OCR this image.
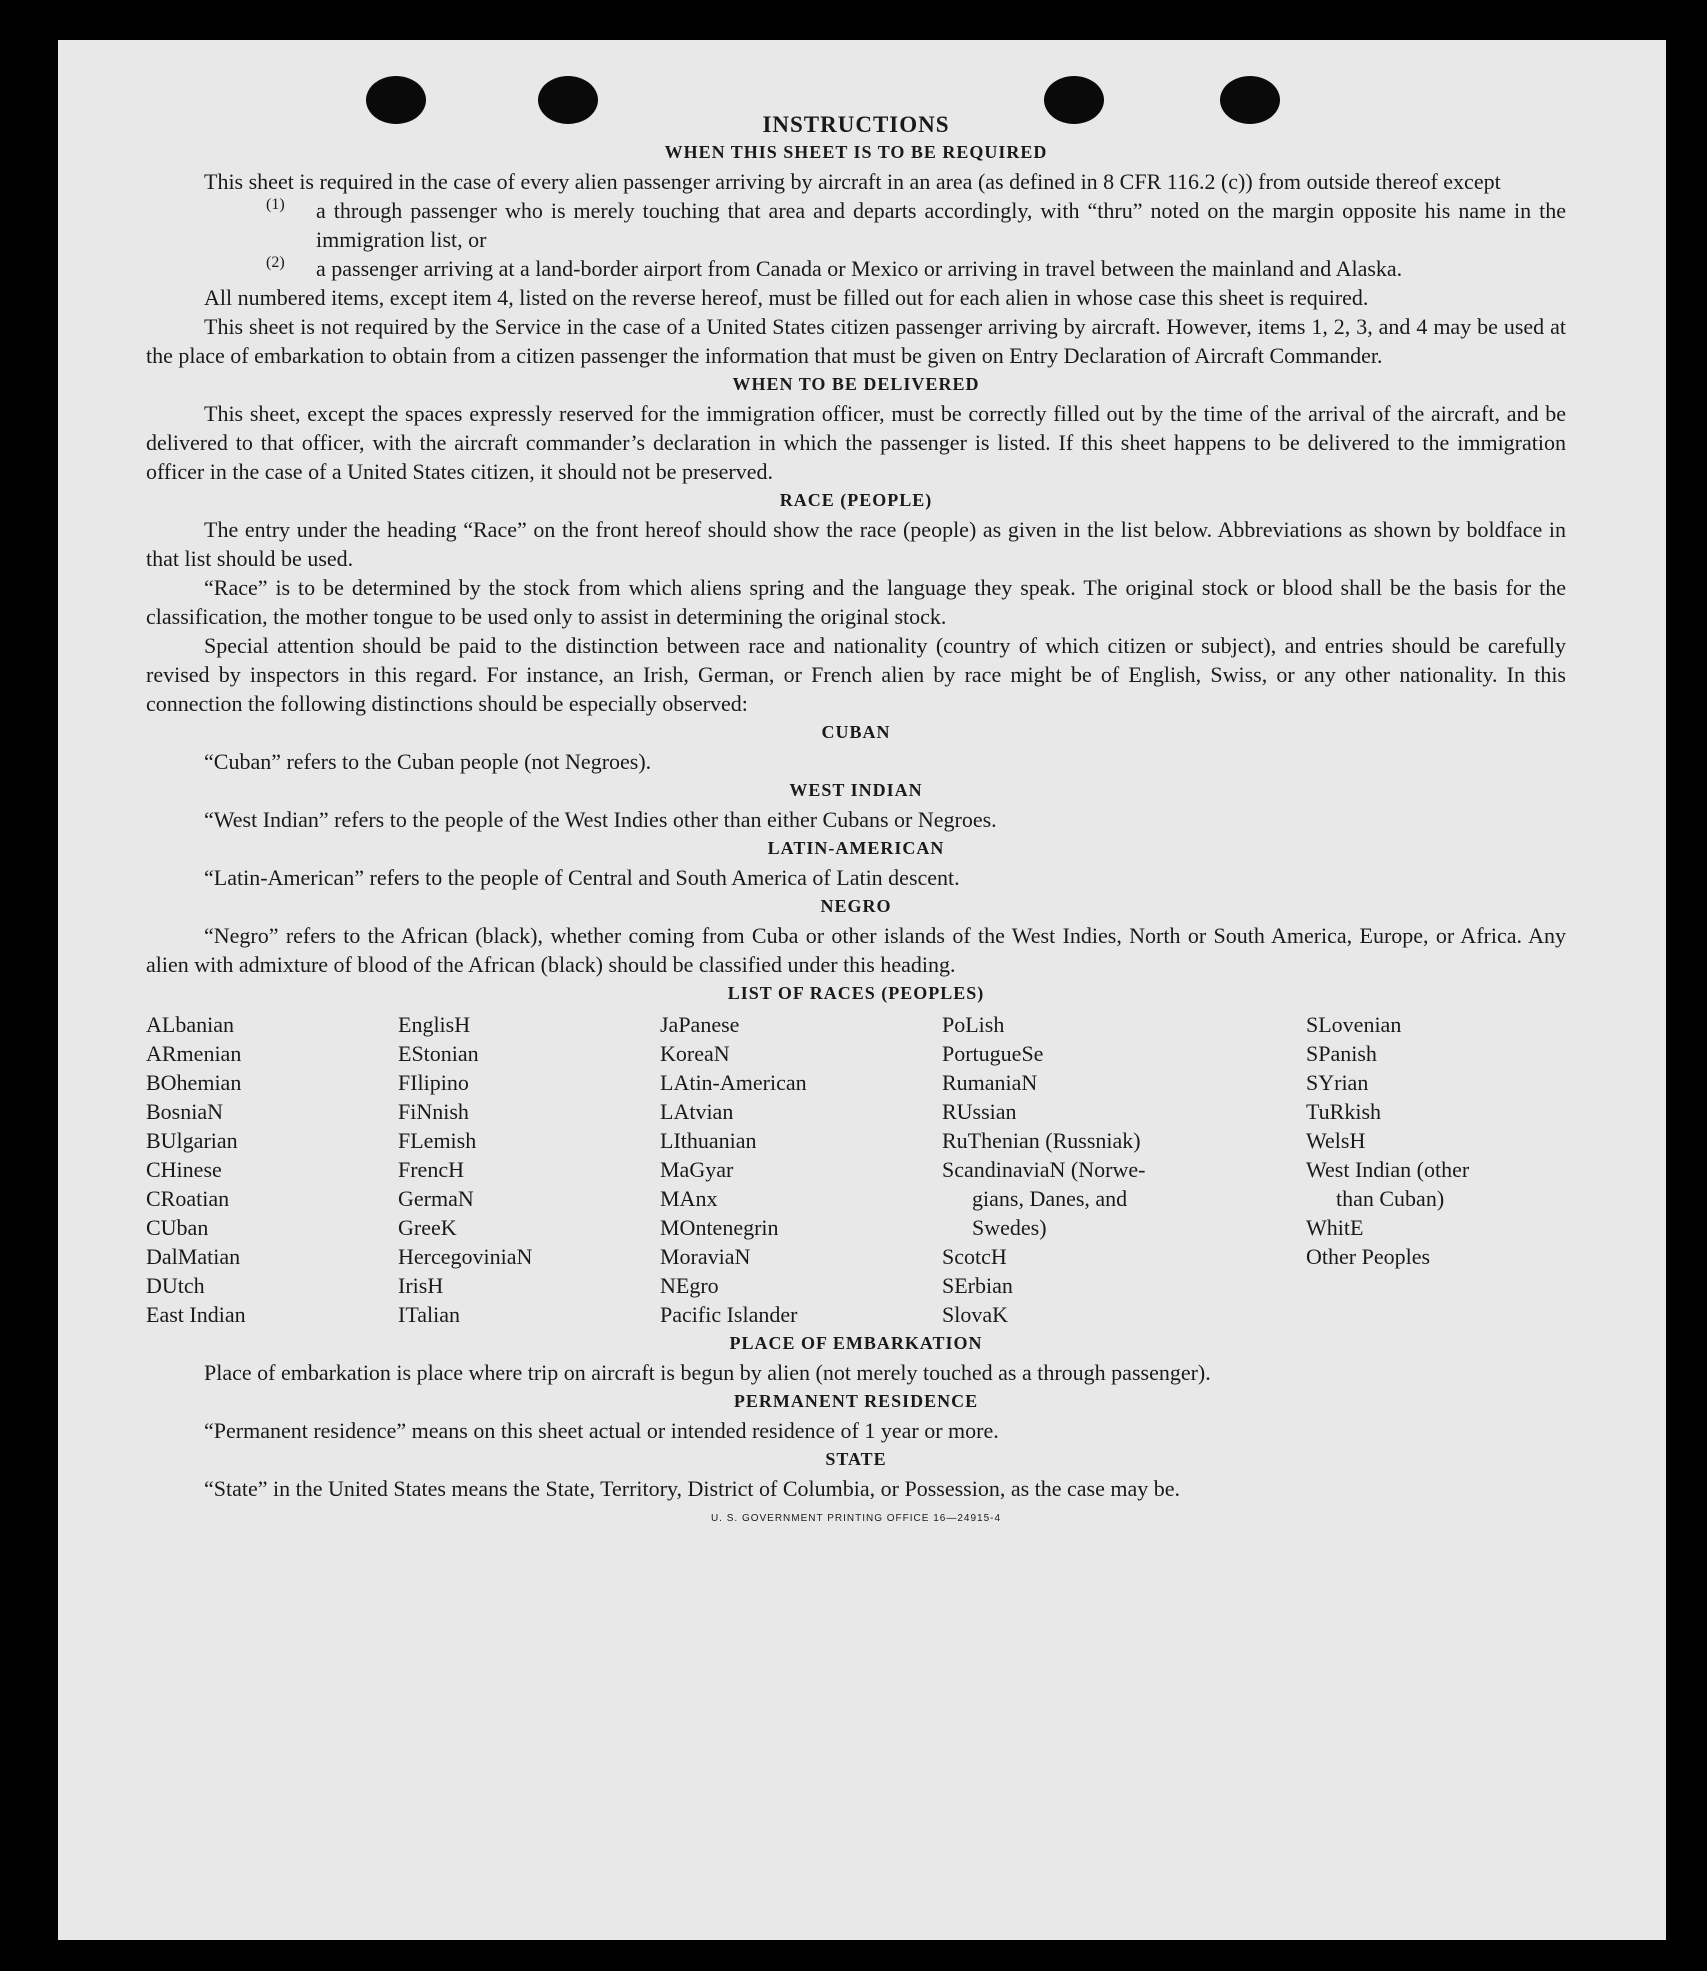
INSTRUCTIONS
WHEN THIS SHEET IS TO BE REQUIRED

This sheet is required in the case of every alien passenger arriving by aircraft in an area (as defined in 8 CFR 116.2 (c)) from outside thereof except

(1)	a through passenger who is merely touching that area and departs accordingly, with “thru” noted on the margin opposite his name in the immigration list, or

(2)	a passenger arriving at a land-border airport from Canada or Mexico or arriving in travel between the mainland and Alaska.

All numbered items, except item 4, listed on the reverse hereof, must be filled out for each alien in whose case this sheet is required.

This sheet is not required by the Service in the case of a United States citizen passenger arriving by aircraft. However, items 1, 2, 3, and 4 may be used at the place of embarkation to obtain from a citizen passenger the information that must be given on Entry Declaration of Aircraft Commander.

WHEN TO BE DELIVERED

This sheet, except the spaces expressly reserved for the immigration officer, must be correctly filled out by the time of the arrival of the aircraft, and be delivered to that officer, with the aircraft commander’s declaration in which the passenger is listed. If this sheet happens to be delivered to the immigration officer in the case of a United States citizen, it should not be preserved.

RACE (PEOPLE)

The entry under the heading “Race” on the front hereof should show the race (people) as given in the list below. Abbreviations as shown by boldface in that list should be used.

“Race” is to be determined by the stock from which aliens spring and the language they speak. The original stock or blood shall be the basis for the classification, the mother tongue to be used only to assist in determining the original stock.

Special attention should be paid to the distinction between race and nationality (country of which citizen or subject), and entries should be carefully revised by inspectors in this regard. For instance, an Irish, German, or French alien by race might be of English, Swiss, or any other nationality. In this connection the following distinctions should be especially observed:

CUBAN

“Cuban” refers to the Cuban people (not Negroes).

WEST INDIAN

“West Indian” refers to the people of the West Indies other than either Cubans or Negroes.

LATIN-AMERICAN

“Latin-American” refers to the people of Central and South America of Latin descent.

NEGRO

“Negro” refers to the African (black), whether coming from Cuba or other islands of the West Indies, North or South America, Europe, or Africa. Any alien with admixture of blood of the African (black) should be classified under this heading.

LIST OF RACES (PEOPLES)
ALbanian
ARmenian
BOhemian
BosniaN
BUlgarian
CHinese
CRoatian
CUban
DalMatian
DUtch
East Indian
EnglisH
EStonian
FIlipino
FiNnish
FLemish
FrencH
GermaN
GreeK
HercegoviniaN
IrisH
ITalian
JaPanese
KoreaN
LAtin-American
LAtvian
LIthuanian
MaGyar
MAnx
MOntenegrin
MoraviaN
NEgro
Pacific Islander
PoLish
PortugueSe
RumaniaN
RUssian
RuThenian (Russniak)
ScandinaviaN (Norwe-
gians, Danes, and
Swedes)
ScotcH
SErbian
SlovaK
SLovenian
SPanish
SYrian
TuRkish
WelsH
West Indian (other
than Cuban)
WhitE
Other Peoples
PLACE OF EMBARKATION

Place of embarkation is place where trip on aircraft is begun by alien (not merely touched as a through passenger).

PERMANENT RESIDENCE

“Permanent residence” means on this sheet actual or intended residence of 1 year or more.

STATE

“State” in the United States means the State, Territory, District of Columbia, or Possession, as the case may be.

U. S. GOVERNMENT PRINTING OFFICE 16—24915-4
